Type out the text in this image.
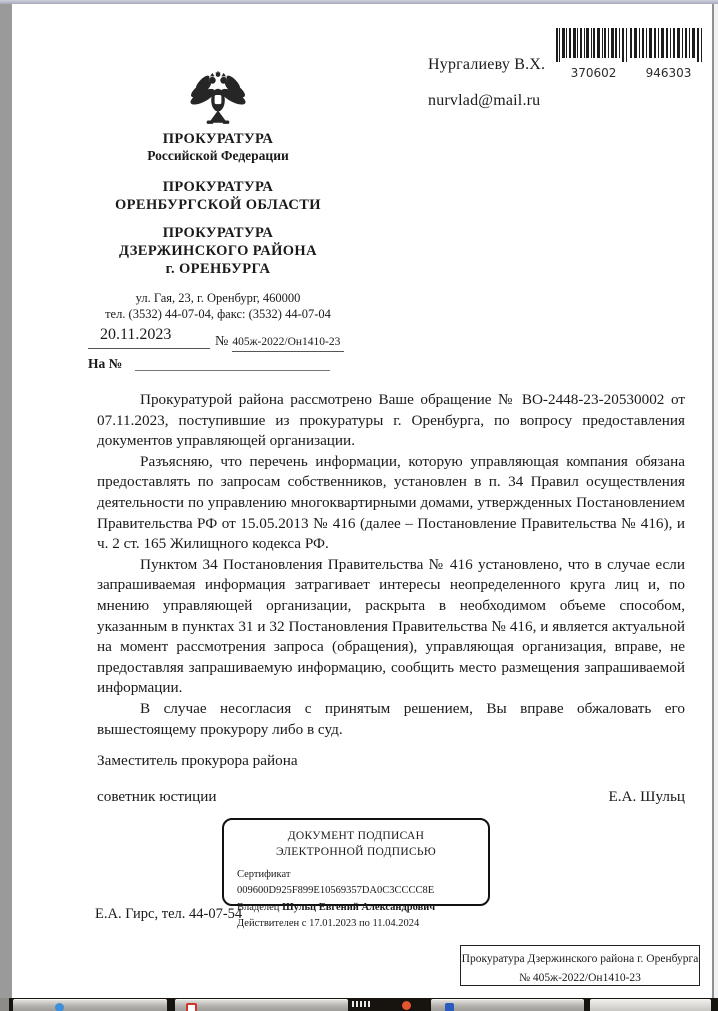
370602 946303
Нургалиеву В.Х.
nurvlad@mail.ru
ПРОКУРАТУРА
Российской Федерации
ПРОКУРАТУРА
ОРЕНБУРГСКОЙ ОБЛАСТИ
ПРОКУРАТУРА
ДЗЕРЖИНСКОГО РАЙОНА
г. ОРЕНБУРГА
ул. Гая, 23, г. Оренбург, 460000
тел. (3532) 44-07-04, факс: (3532) 44-07-04
20.11.2023	№ 405ж-2022/Он1410-23
На №

Прокуратурой района рассмотрено Ваше обращение № ВО-2448-23-20530002 от 07.11.2023, поступившие из прокуратуры г. Оренбурга, по вопросу предоставления документов управляющей организации.

Разъясняю, что перечень информации, которую управляющая компания обязана предоставлять по запросам собственников, установлен в п. 34 Правил осуществления деятельности по управлению многоквартирными домами, утвержденных Постановлением Правительства РФ от 15.05.2013 № 416 (далее – Постановление Правительства № 416), и ч. 2 ст. 165 Жилищного кодекса РФ.

Пунктом 34 Постановления Правительства № 416 установлено, что в случае если запрашиваемая информация затрагивает интересы неопределенного круга лиц и, по мнению управляющей организации, раскрыта в необходимом объеме способом, указанным в пунктах 31 и 32 Постановления Правительства № 416, и является актуальной на момент рассмотрения запроса (обращения), управляющая организация, вправе, не предоставляя запрашиваемую информацию, сообщить место размещения запрашиваемой информации.

В случае несогласия с принятым решением, Вы вправе обжаловать его вышестоящему прокурору либо в суд.

Заместитель прокурора района
советник юстиции	Е.А. Шульц
ДОКУМЕНТ ПОДПИСАН
ЭЛЕКТРОННОЙ ПОДПИСЬЮ
Сертификат 009600D925F899E10569357DA0C3CCCC8E
Владелец Шульц Евгений Александрович
Действителен с 17.01.2023 по 11.04.2024
Е.А. Гирс, тел. 44-07-54
Прокуратура Дзержинского района г. Оренбурга
№ 405ж-2022/Он1410-23
